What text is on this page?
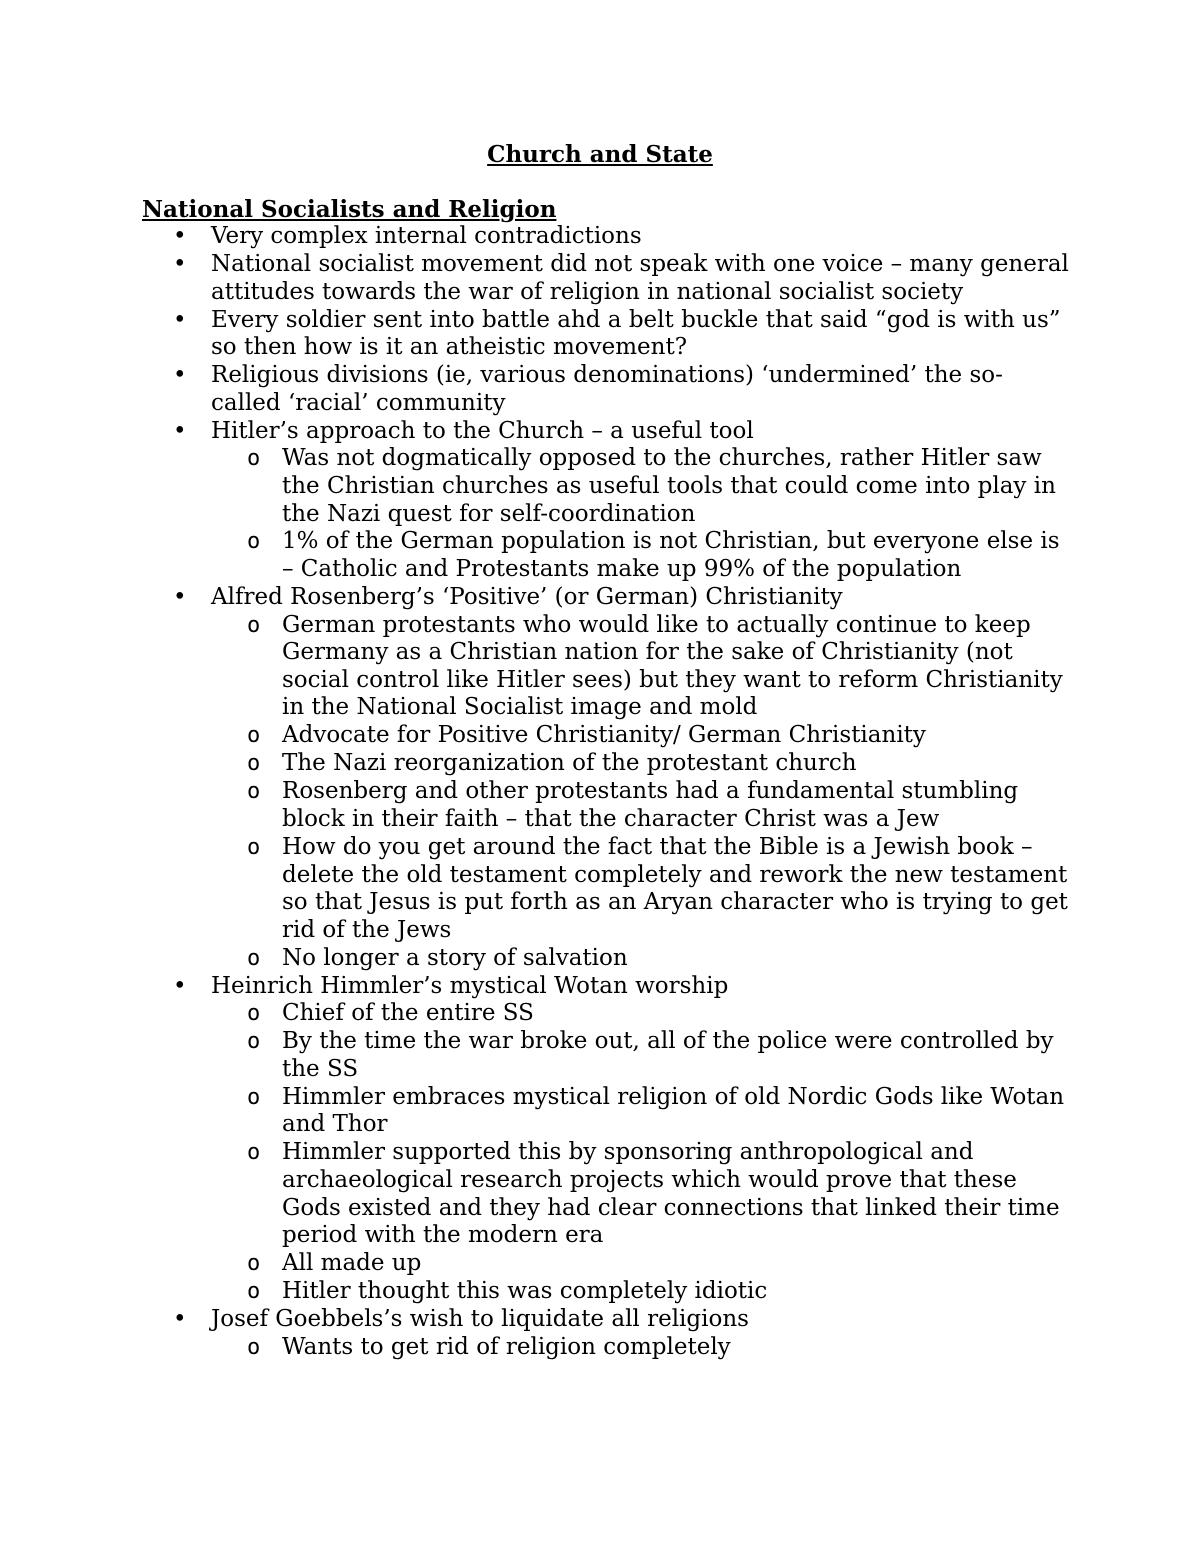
Church and State
National Socialists and Religion
• Very complex internal contradictions
• National socialist movement did not speak with one voice – many general attitudes towards the war of religion in national socialist society
• Every soldier sent into battle ahd a belt buckle that said “god is with us” so then how is it an atheistic movement?
• Religious divisions (ie, various denominations) ‘undermined’ the so-called ‘racial’ community
• Hitler’s approach to the Church – a useful tool
o Was not dogmatically opposed to the churches, rather Hitler saw the Christian churches as useful tools that could come into play in the Nazi quest for self-coordination
o 1% of the German population is not Christian, but everyone else is – Catholic and Protestants make up 99% of the population
• Alfred Rosenberg’s ‘Positive’ (or German) Christianity
o German protestants who would like to actually continue to keep Germany as a Christian nation for the sake of Christianity (not social control like Hitler sees) but they want to reform Christianity in the National Socialist image and mold
o Advocate for Positive Christianity/ German Christianity
o The Nazi reorganization of the protestant church
o Rosenberg and other protestants had a fundamental stumbling block in their faith – that the character Christ was a Jew
o How do you get around the fact that the Bible is a Jewish book – delete the old testament completely and rework the new testament so that Jesus is put forth as an Aryan character who is trying to get rid of the Jews
o No longer a story of salvation
• Heinrich Himmler’s mystical Wotan worship
o Chief of the entire SS
o By the time the war broke out, all of the police were controlled by the SS
o Himmler embraces mystical religion of old Nordic Gods like Wotan and Thor
o Himmler supported this by sponsoring anthropological and archaeological research projects which would prove that these Gods existed and they had clear connections that linked their time period with the modern era
o All made up
o Hitler thought this was completely idiotic
• Josef Goebbels’s wish to liquidate all religions
o Wants to get rid of religion completely
